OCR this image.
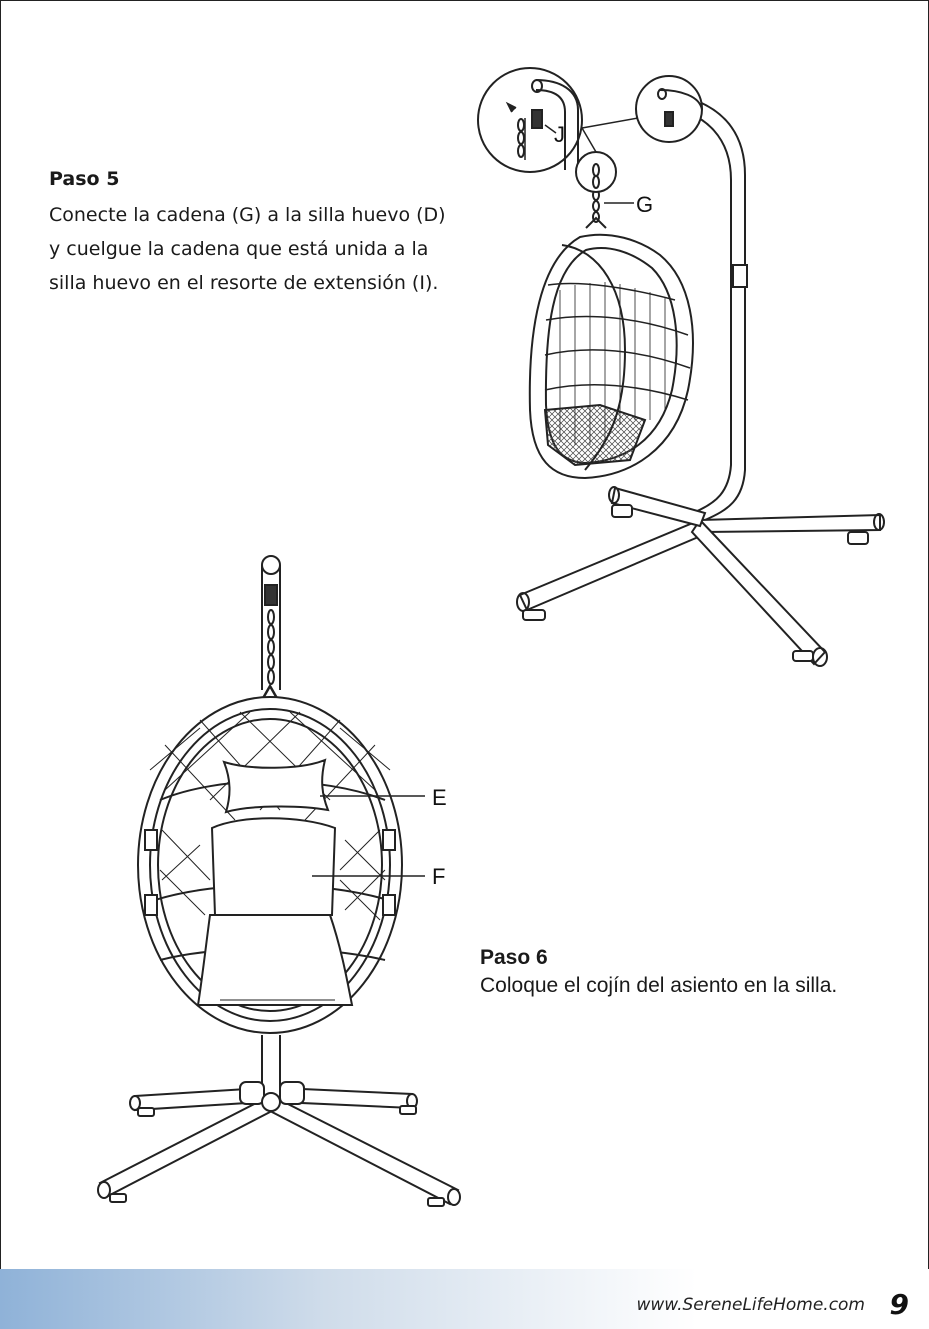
Paso 5

Conecte la cadena (G) a la silla huevo (D)
y cuelgue la cadena que está unida a la
silla huevo en el resorte de extensión (I).

Paso 6

Coloque el cojín del asiento en la silla.

J
G
E
F
www.SereneLifeHome.com 9
